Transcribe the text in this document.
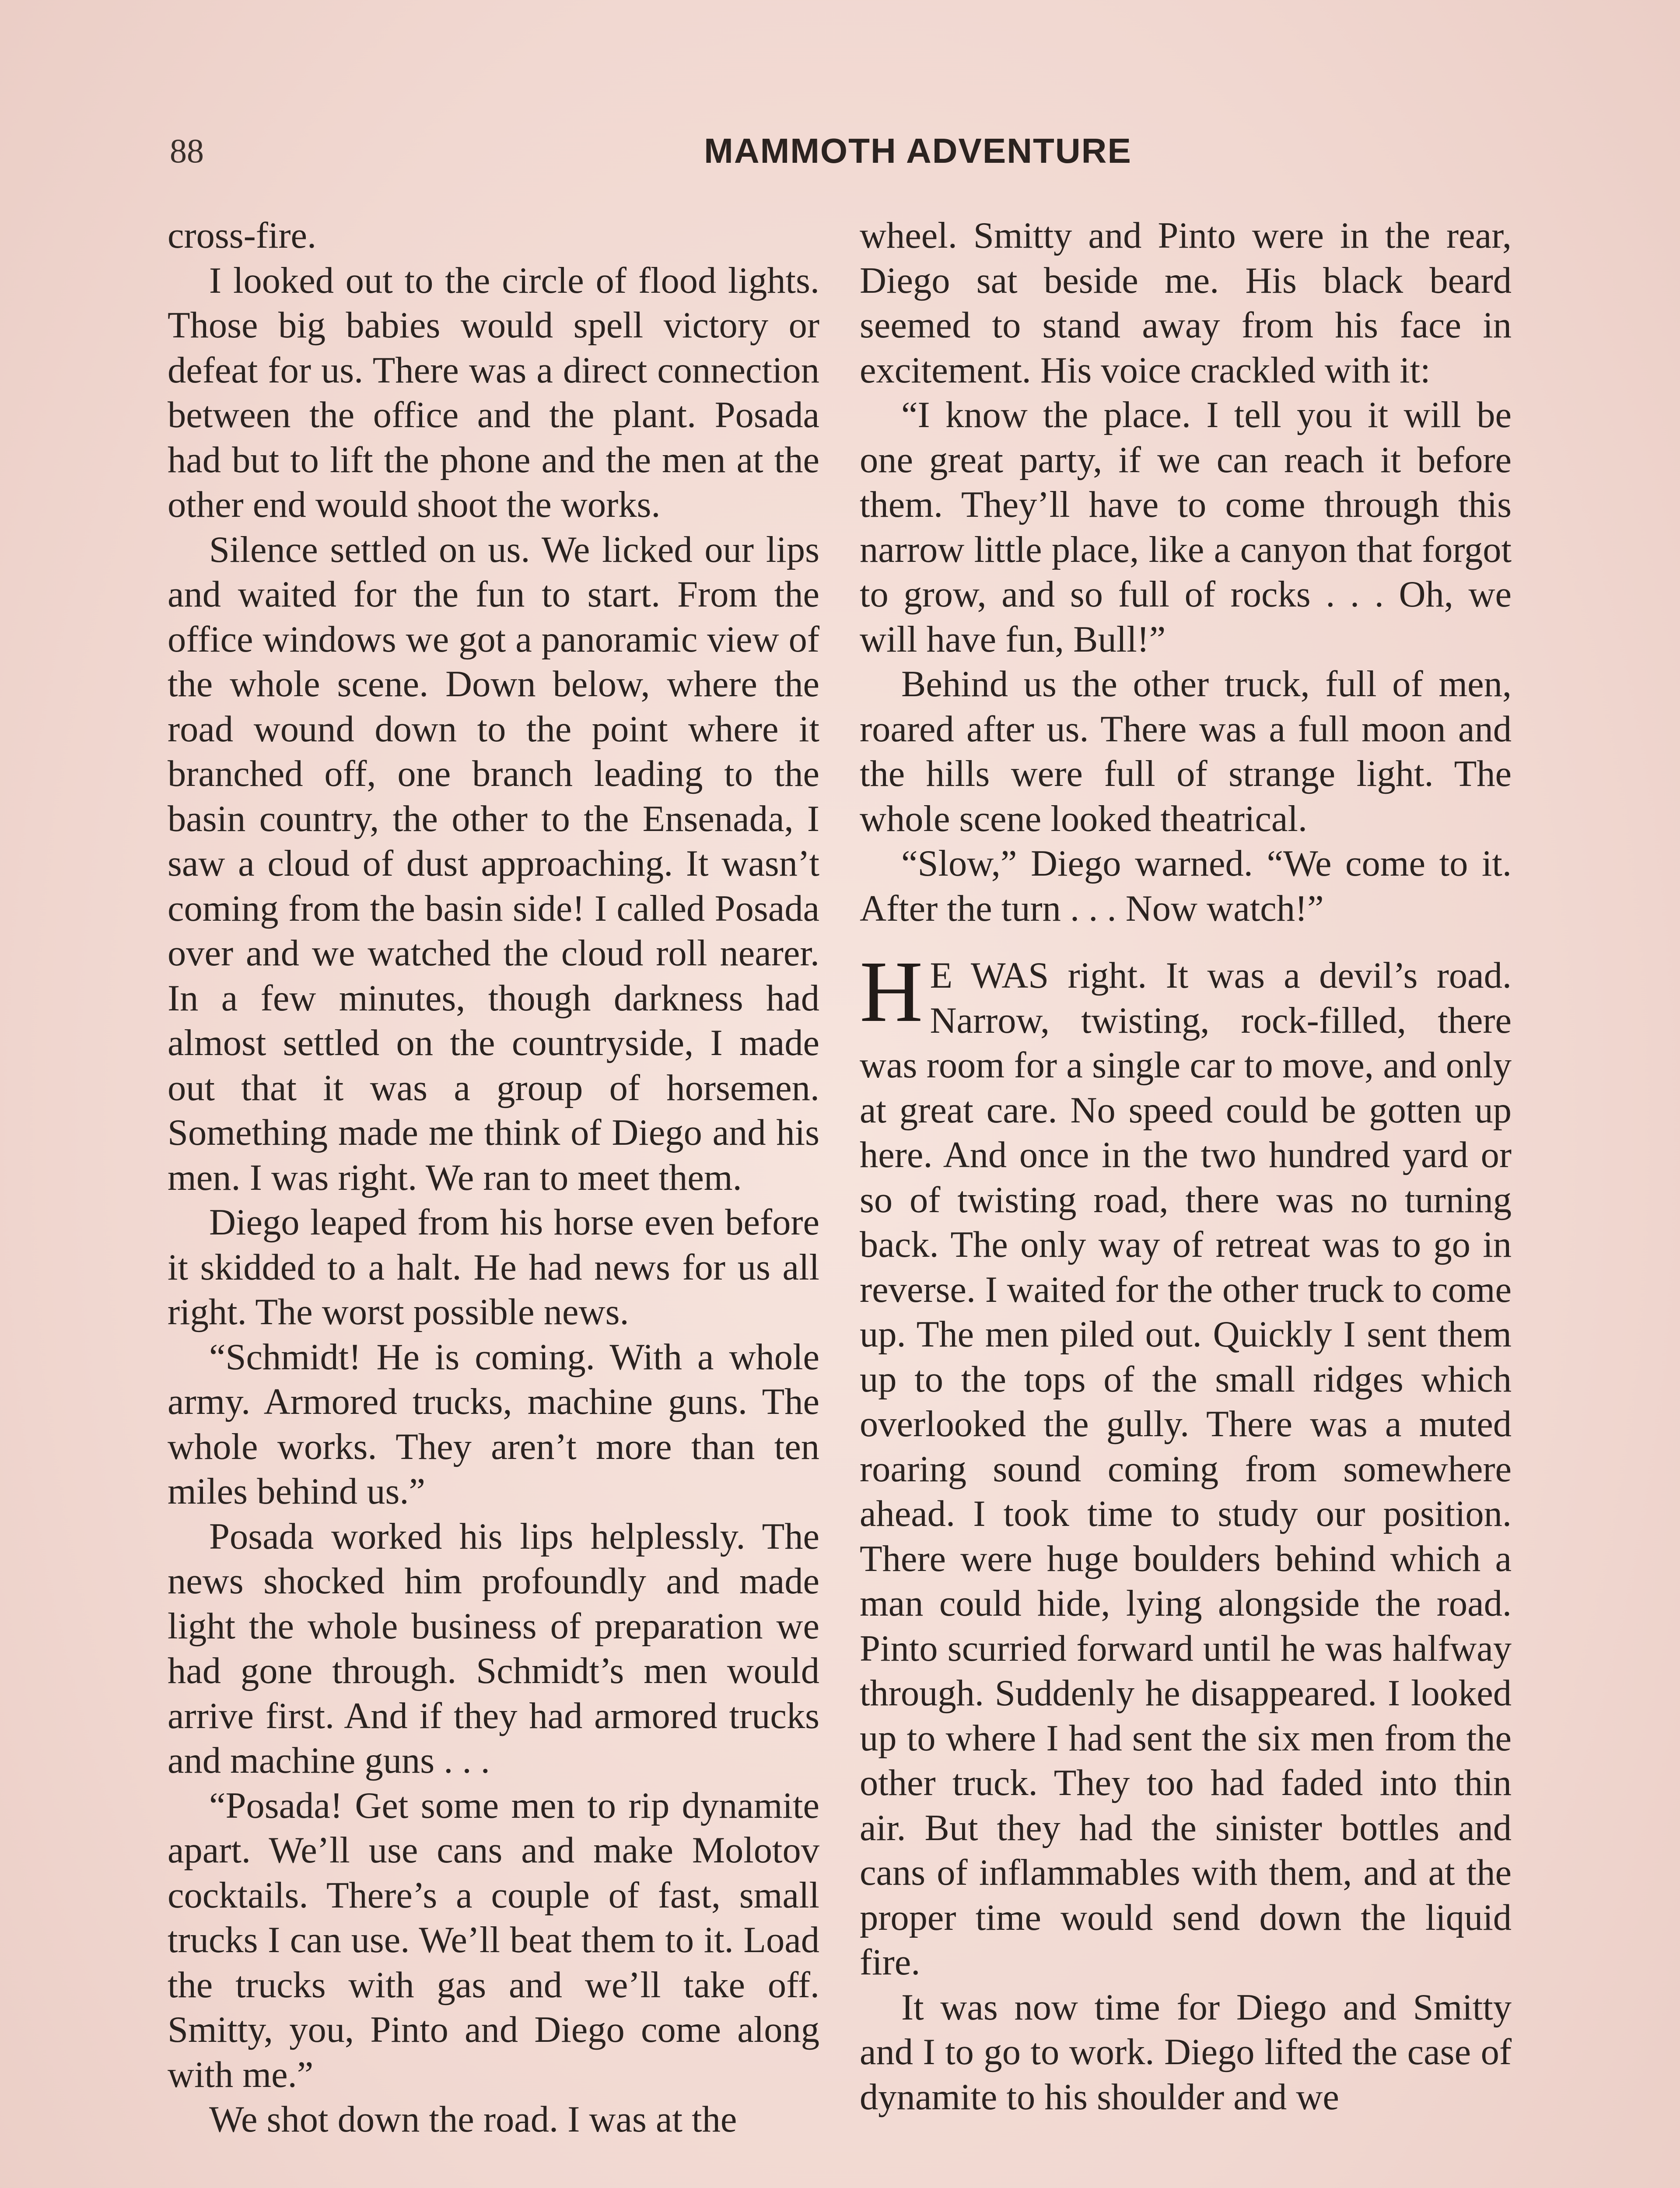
88	MAMMOTH ADVENTURE

cross-fire.

I looked out to the circle of flood lights. Those big babies would spell victory or defeat for us. There was a direct connection between the office and the plant. Posada had but to lift the phone and the men at the other end would shoot the works.

Silence settled on us. We licked our lips and waited for the fun to start. From the office windows we got a panoramic view of the whole scene. Down below, where the road wound down to the point where it branched off, one branch leading to the basin country, the other to the Ensenada, I saw a cloud of dust approaching. It wasn’t coming from the basin side! I called Posada over and we watched the cloud roll nearer. In a few minutes, though darkness had almost settled on the countryside, I made out that it was a group of horsemen. Something made me think of Diego and his men. I was right. We ran to meet them.

Diego leaped from his horse even before it skidded to a halt. He had news for us all right. The worst possible news.

“Schmidt! He is coming. With a whole army. Armored trucks, machine guns. The whole works. They aren’t more than ten miles behind us.”

Posada worked his lips helplessly. The news shocked him profoundly and made light the whole business of preparation we had gone through. Schmidt’s men would arrive first. And if they had armored trucks and machine guns . . .

“Posada! Get some men to rip dynamite apart. We’ll use cans and make Molotov cocktails. There’s a couple of fast, small trucks I can use. We’ll beat them to it. Load the trucks with gas and we’ll take off. Smitty, you, Pinto and Diego come along with me.”

We shot down the road. I was at the

wheel. Smitty and Pinto were in the rear, Diego sat beside me. His black beard seemed to stand away from his face in excitement. His voice crackled with it:

“I know the place. I tell you it will be one great party, if we can reach it before them. They’ll have to come through this narrow little place, like a canyon that forgot to grow, and so full of rocks . . . Oh, we will have fun, Bull!”

Behind us the other truck, full of men, roared after us. There was a full moon and the hills were full of strange light. The whole scene looked theatrical.

“Slow,” Diego warned. “We come to it. After the turn . . . Now watch!”

H E WAS right. It was a devil’s road. Narrow, twisting, rock-filled, there was room for a single car to move, and only at great care. No speed could be gotten up here. And once in the two hundred yard or so of twisting road, there was no turning back. The only way of retreat was to go in reverse. I waited for the other truck to come up. The men piled out. Quickly I sent them up to the tops of the small ridges which overlooked the gully. There was a muted roaring sound coming from somewhere ahead. I took time to study our position. There were huge boulders behind which a man could hide, lying alongside the road. Pinto scurried forward until he was halfway through. Suddenly he disappeared. I looked up to where I had sent the six men from the other truck. They too had faded into thin air. But they had the sinister bottles and cans of inflammables with them, and at the proper time would send down the liquid fire.

It was now time for Diego and Smitty and I to go to work. Diego lifted the case of dynamite to his shoulder and we
